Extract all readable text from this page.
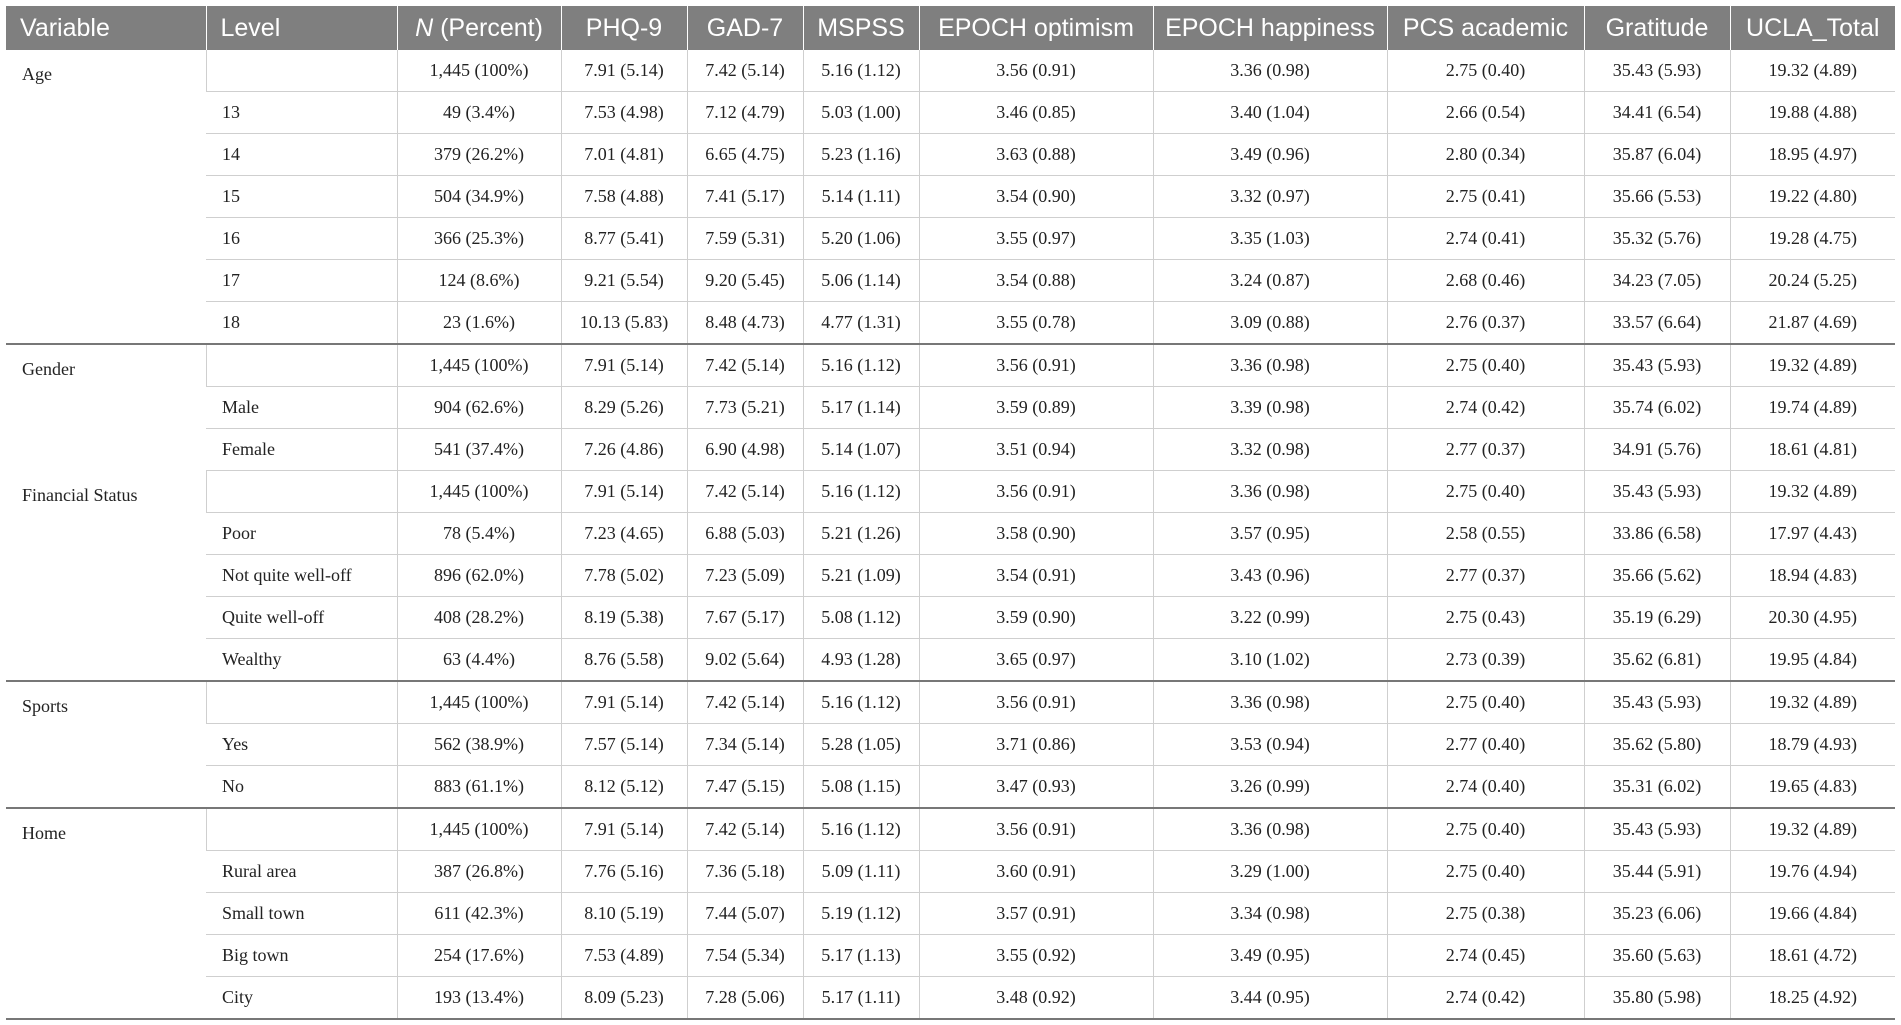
Variable	Level	N (Percent)	PHQ-9	GAD-7	MSPSS	EPOCH optimism	EPOCH happiness	PCS academic	Gratitude	UCLA_Total
Age		1,445 (100%)	7.91 (5.14)	7.42 (5.14)	5.16 (1.12)	3.56 (0.91)	3.36 (0.98)	2.75 (0.40)	35.43 (5.93)	19.32 (4.89)
	13	49 (3.4%)	7.53 (4.98)	7.12 (4.79)	5.03 (1.00)	3.46 (0.85)	3.40 (1.04)	2.66 (0.54)	34.41 (6.54)	19.88 (4.88)
	14	379 (26.2%)	7.01 (4.81)	6.65 (4.75)	5.23 (1.16)	3.63 (0.88)	3.49 (0.96)	2.80 (0.34)	35.87 (6.04)	18.95 (4.97)
	15	504 (34.9%)	7.58 (4.88)	7.41 (5.17)	5.14 (1.11)	3.54 (0.90)	3.32 (0.97)	2.75 (0.41)	35.66 (5.53)	19.22 (4.80)
	16	366 (25.3%)	8.77 (5.41)	7.59 (5.31)	5.20 (1.06)	3.55 (0.97)	3.35 (1.03)	2.74 (0.41)	35.32 (5.76)	19.28 (4.75)
	17	124 (8.6%)	9.21 (5.54)	9.20 (5.45)	5.06 (1.14)	3.54 (0.88)	3.24 (0.87)	2.68 (0.46)	34.23 (7.05)	20.24 (5.25)
	18	23 (1.6%)	10.13 (5.83)	8.48 (4.73)	4.77 (1.31)	3.55 (0.78)	3.09 (0.88)	2.76 (0.37)	33.57 (6.64)	21.87 (4.69)
Gender		1,445 (100%)	7.91 (5.14)	7.42 (5.14)	5.16 (1.12)	3.56 (0.91)	3.36 (0.98)	2.75 (0.40)	35.43 (5.93)	19.32 (4.89)
	Male	904 (62.6%)	8.29 (5.26)	7.73 (5.21)	5.17 (1.14)	3.59 (0.89)	3.39 (0.98)	2.74 (0.42)	35.74 (6.02)	19.74 (4.89)
	Female	541 (37.4%)	7.26 (4.86)	6.90 (4.98)	5.14 (1.07)	3.51 (0.94)	3.32 (0.98)	2.77 (0.37)	34.91 (5.76)	18.61 (4.81)
Financial Status		1,445 (100%)	7.91 (5.14)	7.42 (5.14)	5.16 (1.12)	3.56 (0.91)	3.36 (0.98)	2.75 (0.40)	35.43 (5.93)	19.32 (4.89)
	Poor	78 (5.4%)	7.23 (4.65)	6.88 (5.03)	5.21 (1.26)	3.58 (0.90)	3.57 (0.95)	2.58 (0.55)	33.86 (6.58)	17.97 (4.43)
	Not quite well-off	896 (62.0%)	7.78 (5.02)	7.23 (5.09)	5.21 (1.09)	3.54 (0.91)	3.43 (0.96)	2.77 (0.37)	35.66 (5.62)	18.94 (4.83)
	Quite well-off	408 (28.2%)	8.19 (5.38)	7.67 (5.17)	5.08 (1.12)	3.59 (0.90)	3.22 (0.99)	2.75 (0.43)	35.19 (6.29)	20.30 (4.95)
	Wealthy	63 (4.4%)	8.76 (5.58)	9.02 (5.64)	4.93 (1.28)	3.65 (0.97)	3.10 (1.02)	2.73 (0.39)	35.62 (6.81)	19.95 (4.84)
Sports		1,445 (100%)	7.91 (5.14)	7.42 (5.14)	5.16 (1.12)	3.56 (0.91)	3.36 (0.98)	2.75 (0.40)	35.43 (5.93)	19.32 (4.89)
	Yes	562 (38.9%)	7.57 (5.14)	7.34 (5.14)	5.28 (1.05)	3.71 (0.86)	3.53 (0.94)	2.77 (0.40)	35.62 (5.80)	18.79 (4.93)
	No	883 (61.1%)	8.12 (5.12)	7.47 (5.15)	5.08 (1.15)	3.47 (0.93)	3.26 (0.99)	2.74 (0.40)	35.31 (6.02)	19.65 (4.83)
Home		1,445 (100%)	7.91 (5.14)	7.42 (5.14)	5.16 (1.12)	3.56 (0.91)	3.36 (0.98)	2.75 (0.40)	35.43 (5.93)	19.32 (4.89)
	Rural area	387 (26.8%)	7.76 (5.16)	7.36 (5.18)	5.09 (1.11)	3.60 (0.91)	3.29 (1.00)	2.75 (0.40)	35.44 (5.91)	19.76 (4.94)
	Small town	611 (42.3%)	8.10 (5.19)	7.44 (5.07)	5.19 (1.12)	3.57 (0.91)	3.34 (0.98)	2.75 (0.38)	35.23 (6.06)	19.66 (4.84)
	Big town	254 (17.6%)	7.53 (4.89)	7.54 (5.34)	5.17 (1.13)	3.55 (0.92)	3.49 (0.95)	2.74 (0.45)	35.60 (5.63)	18.61 (4.72)
	City	193 (13.4%)	8.09 (5.23)	7.28 (5.06)	5.17 (1.11)	3.48 (0.92)	3.44 (0.95)	2.74 (0.42)	35.80 (5.98)	18.25 (4.92)
